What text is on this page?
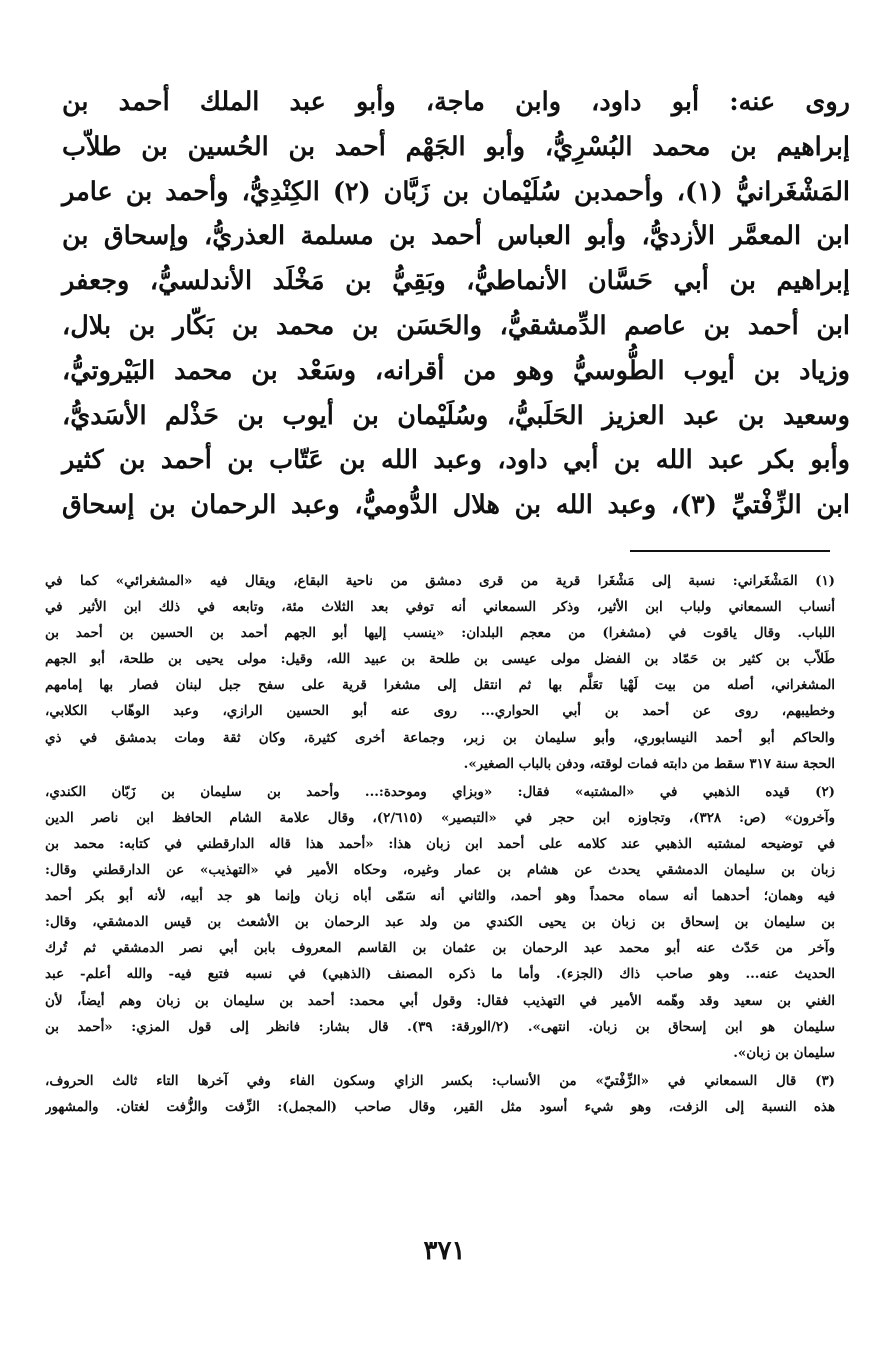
روى عنه: أبو داود، وابن ماجة، وأبو عبد الملك أحمد بن
إبراهيم بن محمد البُسْرِيُّ، وأبو الجَهْم أحمد بن الحُسين بن طلاّب
المَشْغَرانيُّ (١)، وأحمدبن سُلَيْمان بن زَبَّان (٢) الكِنْدِيُّ، وأحمد بن عامر
ابن المعمَّر الأزديُّ، وأبو العباس أحمد بن مسلمة العذريُّ، وإسحاق بن
إبراهيم بن أبي حَسَّان الأنماطيُّ، وبَقِيُّ بن مَخْلَد الأندلسيُّ، وجعفر
ابن أحمد بن عاصم الدِّمشقيُّ، والحَسَن بن محمد بن بَكّار بن بلال،
وزياد بن أيوب الطُّوسيُّ وهو من أقرانه، وسَعْد بن محمد البَيْروتيُّ،
وسعيد بن عبد العزيز الحَلَبيُّ، وسُلَيْمان بن أيوب بن حَذْلم الأسَديُّ،
وأبو بكر عبد الله بن أبي داود، وعبد الله بن عَتّاب بن أحمد بن كثير
ابن الزِّفْتيِّ (٣)، وعبد الله بن هلال الدُّوميُّ، وعبد الرحمان بن إسحاق
(١) المَشْغَراني: نسبة إلى مَشْغَرا قرية من قرى دمشق من ناحية البقاع، ويقال فيه «المشغرائي» كما في
أنساب السمعاني ولباب ابن الأثير، وذكر السمعاني أنه توفي بعد الثلاث مئة، وتابعه في ذلك ابن الأثير في
اللباب. وقال ياقوت في (مشغرا) من معجم البلدان: «ينسب إليها أبو الجهم أحمد بن الحسين بن أحمد بن
طَلاّب بن كثير بن حَمّاد بن الفضل مولى عيسى بن طلحة بن عبيد الله، وقيل: مولى يحيى بن طلحة، أبو الجهم
المشغراني، أصله من بيت لَهْيا تعَلَّم بها ثم انتقل إلى مشغرا قرية على سفح جبل لبنان فصار بها إمامهم
وخطيبهم، روى عن أحمد بن أبي الحواري... روى عنه أبو الحسين الرازي، وعبد الوهّاب الكلابي،
والحاكم أبو أحمد النيسابوري، وأبو سليمان بن زبر، وجماعة أخرى كثيرة، وكان ثقة ومات بدمشق في ذي
الحجة سنة ٣١٧ سقط من دابته فمات لوقته، ودفن بالباب الصغير».
(٢) قيده الذهبي في «المشتبه» فقال: «وبزاي وموحدة:... وأحمد بن سليمان بن زَبّان الكندي،
وآخرون» (ص: ٣٢٨)، وتجاوزه ابن حجر في «التبصير» (٢/٦١٥)، وقال علامة الشام الحافظ ابن ناصر الدين
في توضيحه لمشتبه الذهبي عند كلامه على أحمد ابن زبان هذا: «أحمد هذا قاله الدارقطني في كتابه: محمد بن
زبان بن سليمان الدمشقي يحدث عن هشام بن عمار وغيره، وحكاه الأمير في «التهذيب» عن الدارقطني وقال:
فيه وهمان؛ أحدهما أنه سماه محمداً وهو أحمد، والثاني أنه سَمّى أباه زبان وإنما هو جد أبيه، لأنه أبو بكر أحمد
بن سليمان بن إسحاق بن زبان بن يحيى الكندي من ولد عبد الرحمان بن الأشعث بن قيس الدمشقي، وقال:
وآخر من حَدّث عنه أبو محمد عبد الرحمان بن عثمان بن القاسم المعروف بابن أبي نصر الدمشقي ثم تُرك
الحديث عنه... وهو صاحب ذاك (الجزء). وأما ما ذكره المصنف (الذهبي) في نسبه فتبع فيه- والله أعلم- عبد
الغني بن سعيد وقد وهّمه الأمير في التهذيب فقال: وقول أبي محمد: أحمد بن سليمان بن زبان وهم أيضاً، لأن
سليمان هو ابن إسحاق بن زبان. انتهى». (٢/الورقة: ٣٩). قال بشار: فانظر إلى قول المزي: «أحمد بن
سليمان بن زبان».
(٣) قال السمعاني في «الزِّفْتيّ» من الأنساب: بكسر الزاي وسكون الفاء وفي آخرها التاء ثالث الحروف،
هذه النسبة إلى الزفت، وهو شيء أسود مثل القير، وقال صاحب (المجمل): الزِّفت والزُّفت لغتان. والمشهور
٣٧١
